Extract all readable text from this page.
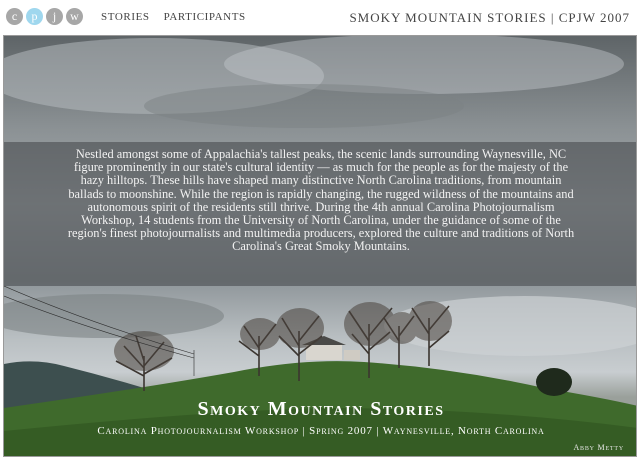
c	p	j	w	STORIES PARTICIPANTS	SMOKY MOUNTAIN STORIES | CPJW 2007

Nestled amongst some of Appalachia's tallest peaks, the scenic lands surrounding Waynesville, NC figure prominently in our state's cultural identity — as much for the people as for the majesty of the hazy hilltops. These hills have shaped many distinctive North Carolina traditions, from mountain ballads to moonshine. While the region is rapidly changing, the rugged wildness of the mountains and autonomous spirit of the residents still thrive. During the 4th annual Carolina Photojournalism Workshop, 14 students from the University of North Carolina, under the guidance of some of the region's finest photojournalists and multimedia producers, explored the culture and traditions of North Carolina's Great Smoky Mountains.

Smoky Mountain Stories
Carolina Photojournalism Workshop | Spring 2007 | Waynesville, North Carolina
Abby Metty
